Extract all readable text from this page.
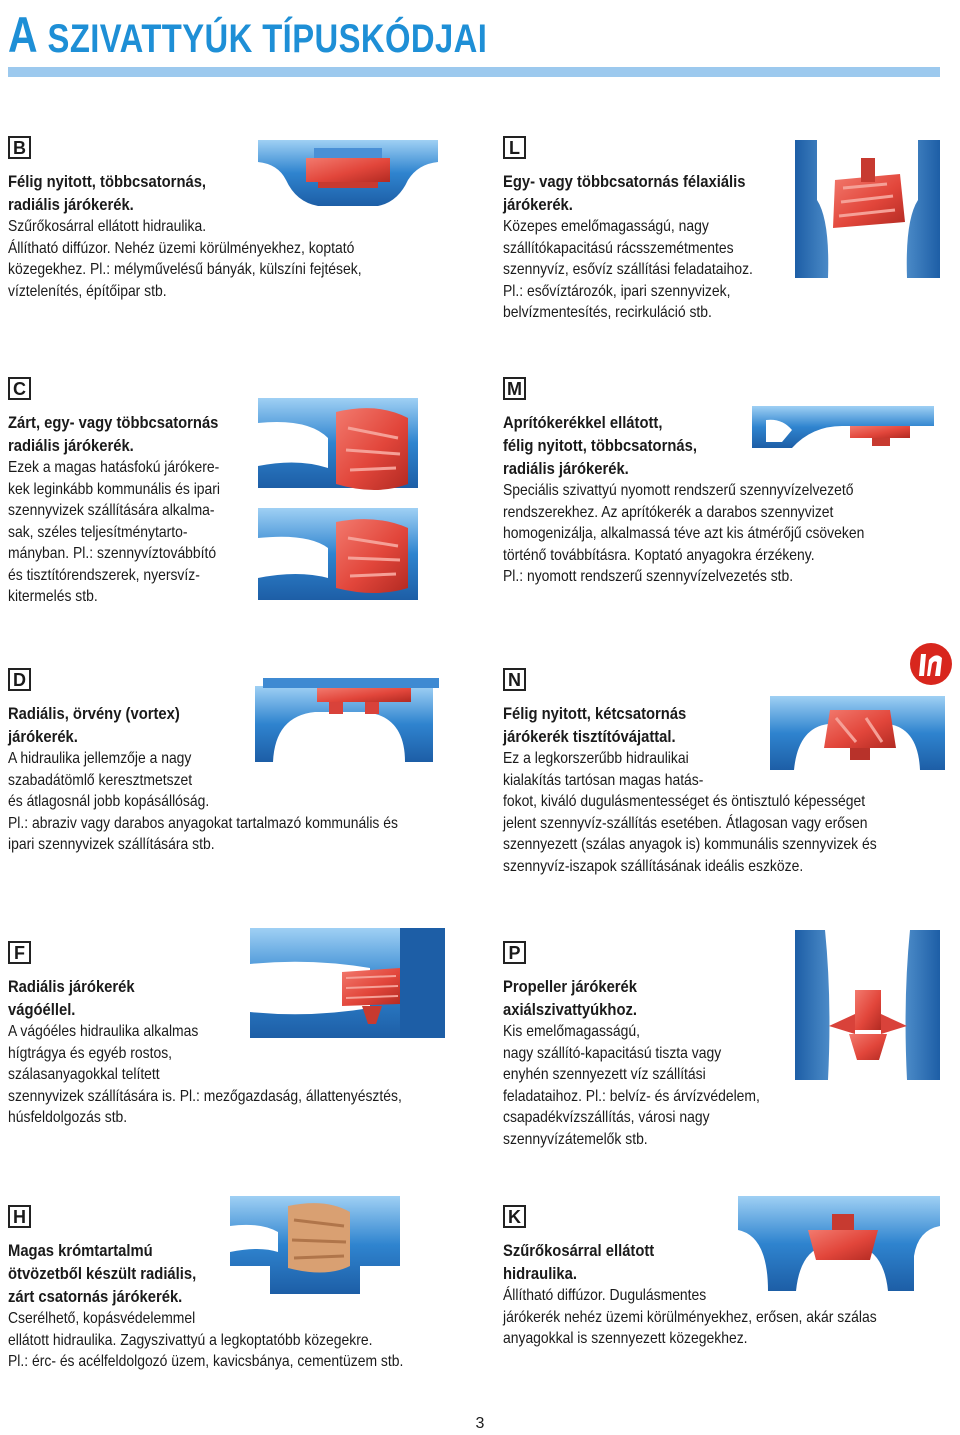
A SZIVATTYÚK TÍPUSKÓDJAI
B
Félig nyitott, többcsatornás,
radiális járókerék.
Szűrőkosárral ellátott hidraulika.
Állítható diffúzor. Nehéz üzemi körülményekhez, koptató
közegekhez. Pl.: mélyművelésű bányák, külszíni fejtések,
víztelenítés, építőipar stb.
L
Egy- vagy többcsatornás félaxiális
járókerék.
Közepes emelőmagasságú, nagy
szállítókapacitású rácsszemétmentes
szennyvíz, esővíz szállítási feladataihoz.
Pl.: esővíztározók, ipari szennyvizek,
belvízmentesítés, recirkuláció stb.
C
Zárt, egy- vagy többcsatornás
radiális járókerék.
Ezek a magas hatásfokú járókere-
kek leginkább kommunális és ipari
szennyvizek szállítására alkalma-
sak, széles teljesítménytarto-
mányban. Pl.: szennyvíztovábbító
és tisztítórendszerek, nyersvíz-
kitermelés stb.
M
Aprítókerékkel ellátott,
félig nyitott, többcsatornás,
radiális járókerék.
Speciális szivattyú nyomott rendszerű szennyvízelvezető
rendszerekhez. Az aprítókerék a darabos szennyvizet
homogenizálja, alkalmassá téve azt kis átmérőjű csöveken
történő továbbításra. Koptató anyagokra érzékeny.
Pl.: nyomott rendszerű szennyvízelvezetés stb.
D
Radiális, örvény (vortex)
járókerék.
A hidraulika jellemzője a nagy
szabadátömlő keresztmetszet
és átlagosnál jobb kopásállóság.
Pl.: abraziv vagy darabos anyagokat tartalmazó kommunális és
ipari szennyvizek szállítására stb.
N
Félig nyitott, kétcsatornás
járókerék tisztítóvájattal.
Ez a legkorszerűbb hidraulikai
kialakítás tartósan magas hatás-
fokot, kiváló dugulásmentességet és öntisztuló képességet
jelent szennyvíz-szállítás esetében. Átlagosan vagy erősen
szennyezett (szálas anyagok is) kommunális szennyvizek és
szennyvíz-iszapok szállításának ideális eszköze.
F
Radiális járókerék
vágóéllel.
A vágóéles hidraulika alkalmas
hígtrágya és egyéb rostos,
szálasanyagokkal telített
szennyvizek szállítására is. Pl.: mezőgazdaság, állattenyésztés,
húsfeldolgozás stb.
P
Propeller járókerék
axiálszivattyúkhoz.
Kis emelőmagasságú,
nagy szállító-kapacitású tiszta vagy
enyhén szennyezett víz szállítási
feladataihoz. Pl.: belvíz- és árvízvédelem,
csapadékvízszállítás, városi nagy
szennyvízátemelők stb.
H
Magas krómtartalmú
ötvözetből készült radiális,
zárt csatornás járókerék.
Cserélhető, kopásvédelemmel
ellátott hidraulika. Zagyszivattyú a legkoptatóbb közegekre.
Pl.: érc- és acélfeldolgozó üzem, kavicsbánya, cementüzem stb.
K
Szűrőkosárral ellátott
hidraulika.
Állítható diffúzor. Dugulásmentes
járókerék nehéz üzemi körülményekhez, erősen, akár szálas
anyagokkal is szennyezett közegekhez.
3
